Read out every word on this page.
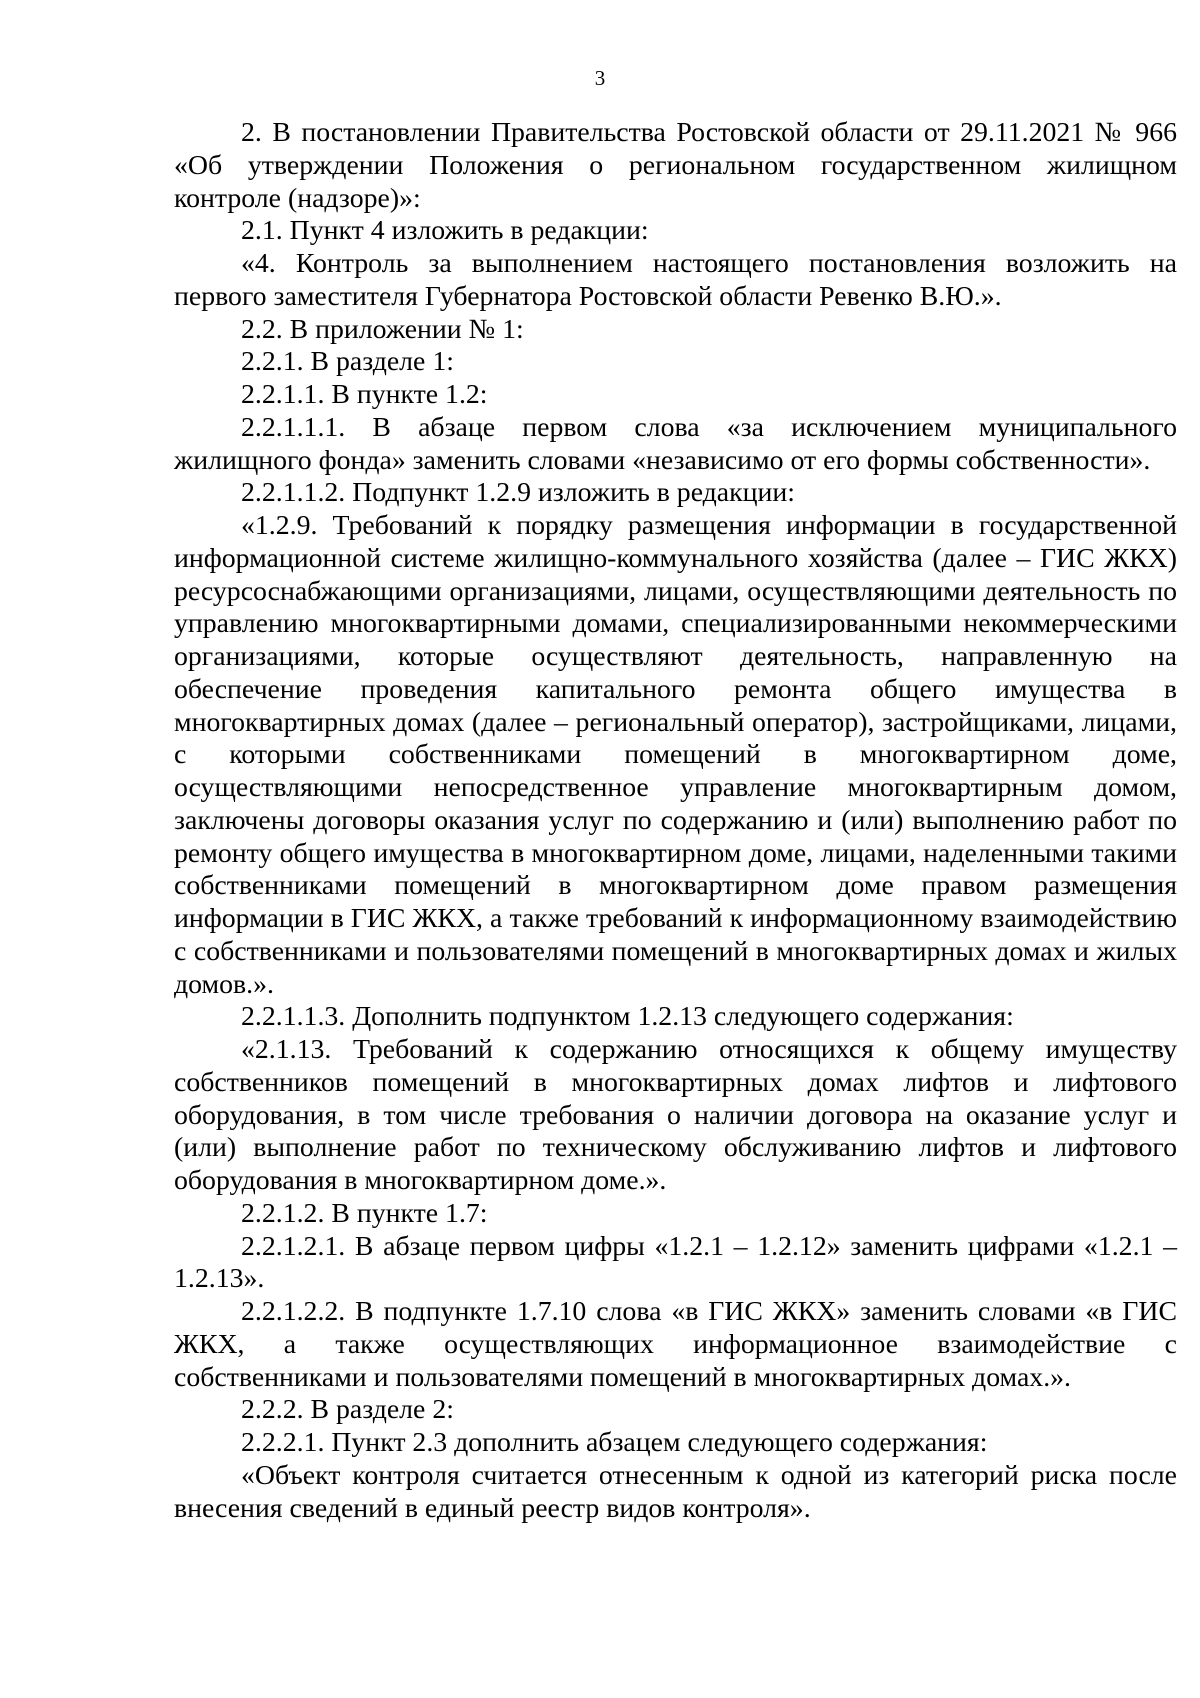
3

2. В постановлении Правительства Ростовской области от 29.11.2021 № 966 «Об утверждении Положения о региональном государственном жилищном контроле (надзоре)»:

2.1. Пункт 4 изложить в редакции:

«4. Контроль за выполнением настоящего постановления возложить на первого заместителя Губернатора Ростовской области Ревенко В.Ю.».

2.2. В приложении № 1:

2.2.1. В разделе 1:

2.2.1.1. В пункте 1.2:

2.2.1.1.1. В абзаце первом слова «за исключением муниципального жилищного фонда» заменить словами «независимо от его формы собственности».

2.2.1.1.2. Подпункт 1.2.9 изложить в редакции:

«1.2.9. Требований к порядку размещения информации в государственной информационной системе жилищно-коммунального хозяйства (далее – ГИС ЖКХ) ресурсоснабжающими организациями, лицами, осуществляющими деятельность по управлению многоквартирными домами, специализированными некоммерческими организациями, которые осуществляют деятельность, направленную на обеспечение проведения капитального ремонта общего имущества в многоквартирных домах (далее – региональный оператор), застройщиками, лицами, с которыми собственниками помещений в многоквартирном доме, осуществляющими непосредственное управление многоквартирным домом, заключены договоры оказания услуг по содержанию и (или) выполнению работ по ремонту общего имущества в многоквартирном доме, лицами, наделенными такими собственниками помещений в многоквартирном доме правом размещения информации в ГИС ЖКХ, а также требований к информационному взаимодействию с собственниками и пользователями помещений в многоквартирных домах и жилых домов.».

2.2.1.1.3. Дополнить подпунктом 1.2.13 следующего содержания:

«2.1.13. Требований к содержанию относящихся к общему имуществу собственников помещений в многоквартирных домах лифтов и лифтового оборудования, в том числе требования о наличии договора на оказание услуг и (или) выполнение работ по техническому обслуживанию лифтов и лифтового оборудования в многоквартирном доме.».

2.2.1.2. В пункте 1.7:

2.2.1.2.1. В абзаце первом цифры «1.2.1 – 1.2.12» заменить цифрами «1.2.1 – 1.2.13».

2.2.1.2.2. В подпункте 1.7.10 слова «в ГИС ЖКХ» заменить словами «в ГИС ЖКХ, а также осуществляющих информационное взаимодействие с собственниками и пользователями помещений в многоквартирных домах.».

2.2.2. В разделе 2:

2.2.2.1. Пункт 2.3 дополнить абзацем следующего содержания:

«Объект контроля считается отнесенным к одной из категорий риска после внесения сведений в единый реестр видов контроля».
